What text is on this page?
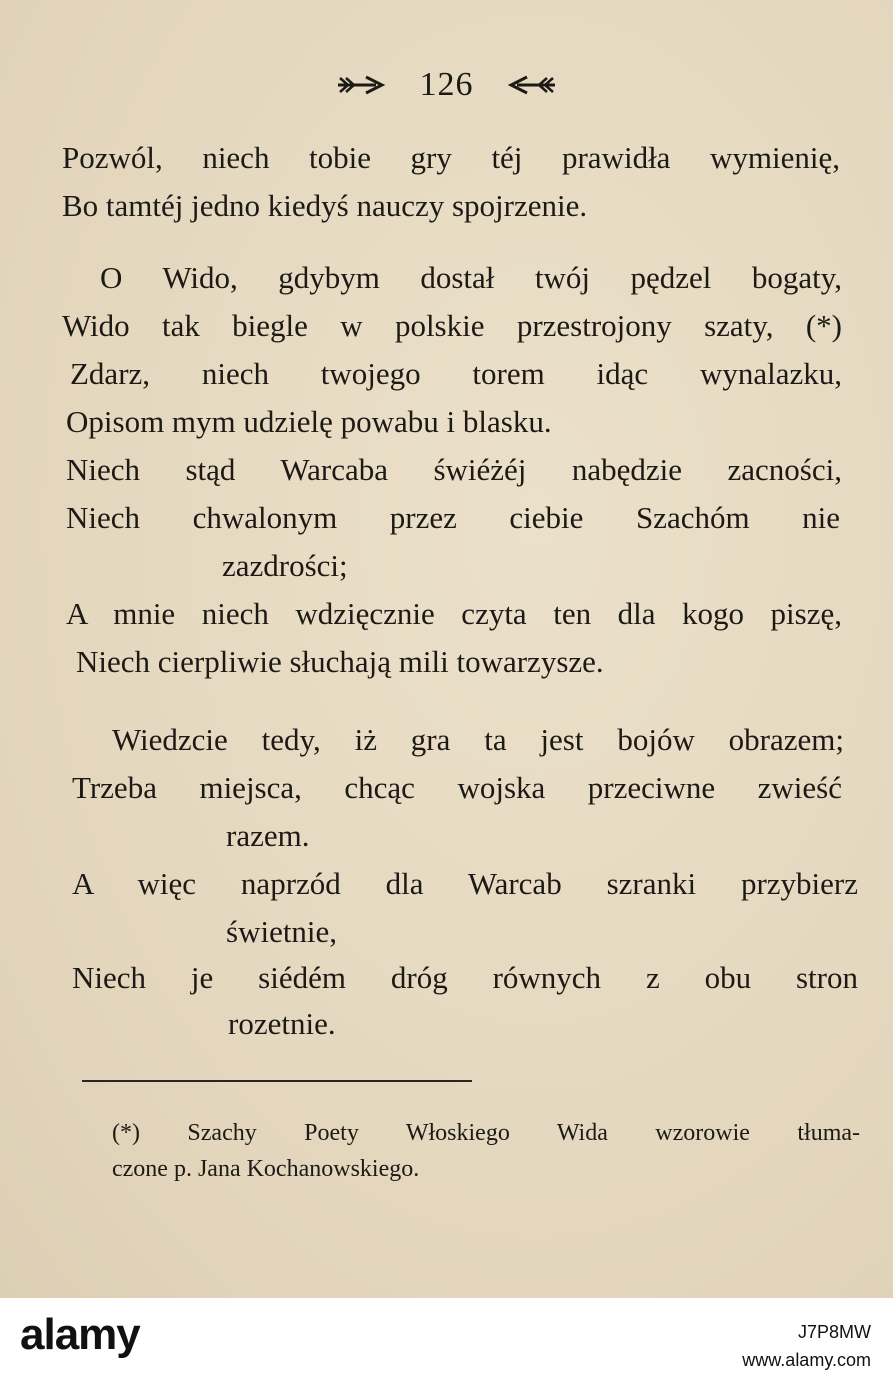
126
Pozwól, niech tobie gry téj prawidła wymienię,
Bo tamtéj jedno kiedyś nauczy spojrzenie.
O Wido, gdybym dostał twój pędzel bogaty,
Wido tak biegle w polskie przestrojony szaty, (*)
Zdarz, niech twojego torem idąc wynalazku,
Opisom mym udzielę powabu i blasku.
Niech stąd Warcaba świéżéj nabędzie zacności,
Niech chwalonym przez ciebie Szachóm nie
zazdrości;
A mnie niech wdzięcznie czyta ten dla kogo piszę,
Niech cierpliwie słuchają mili towarzysze.
Wiedzcie tedy, iż gra ta jest bojów obrazem;
Trzeba miejsca, chcąc wojska przeciwne zwieść
razem.
A więc naprzód dla Warcab szranki przybierz
świetnie,
Niech je siédém dróg równych z obu stron
rozetnie.
(*) Szachy Poety Włoskiego Wida wzorowie tłuma-
czone p. Jana Kochanowskiego.
alamy	J7P8MW
www.alamy.com
